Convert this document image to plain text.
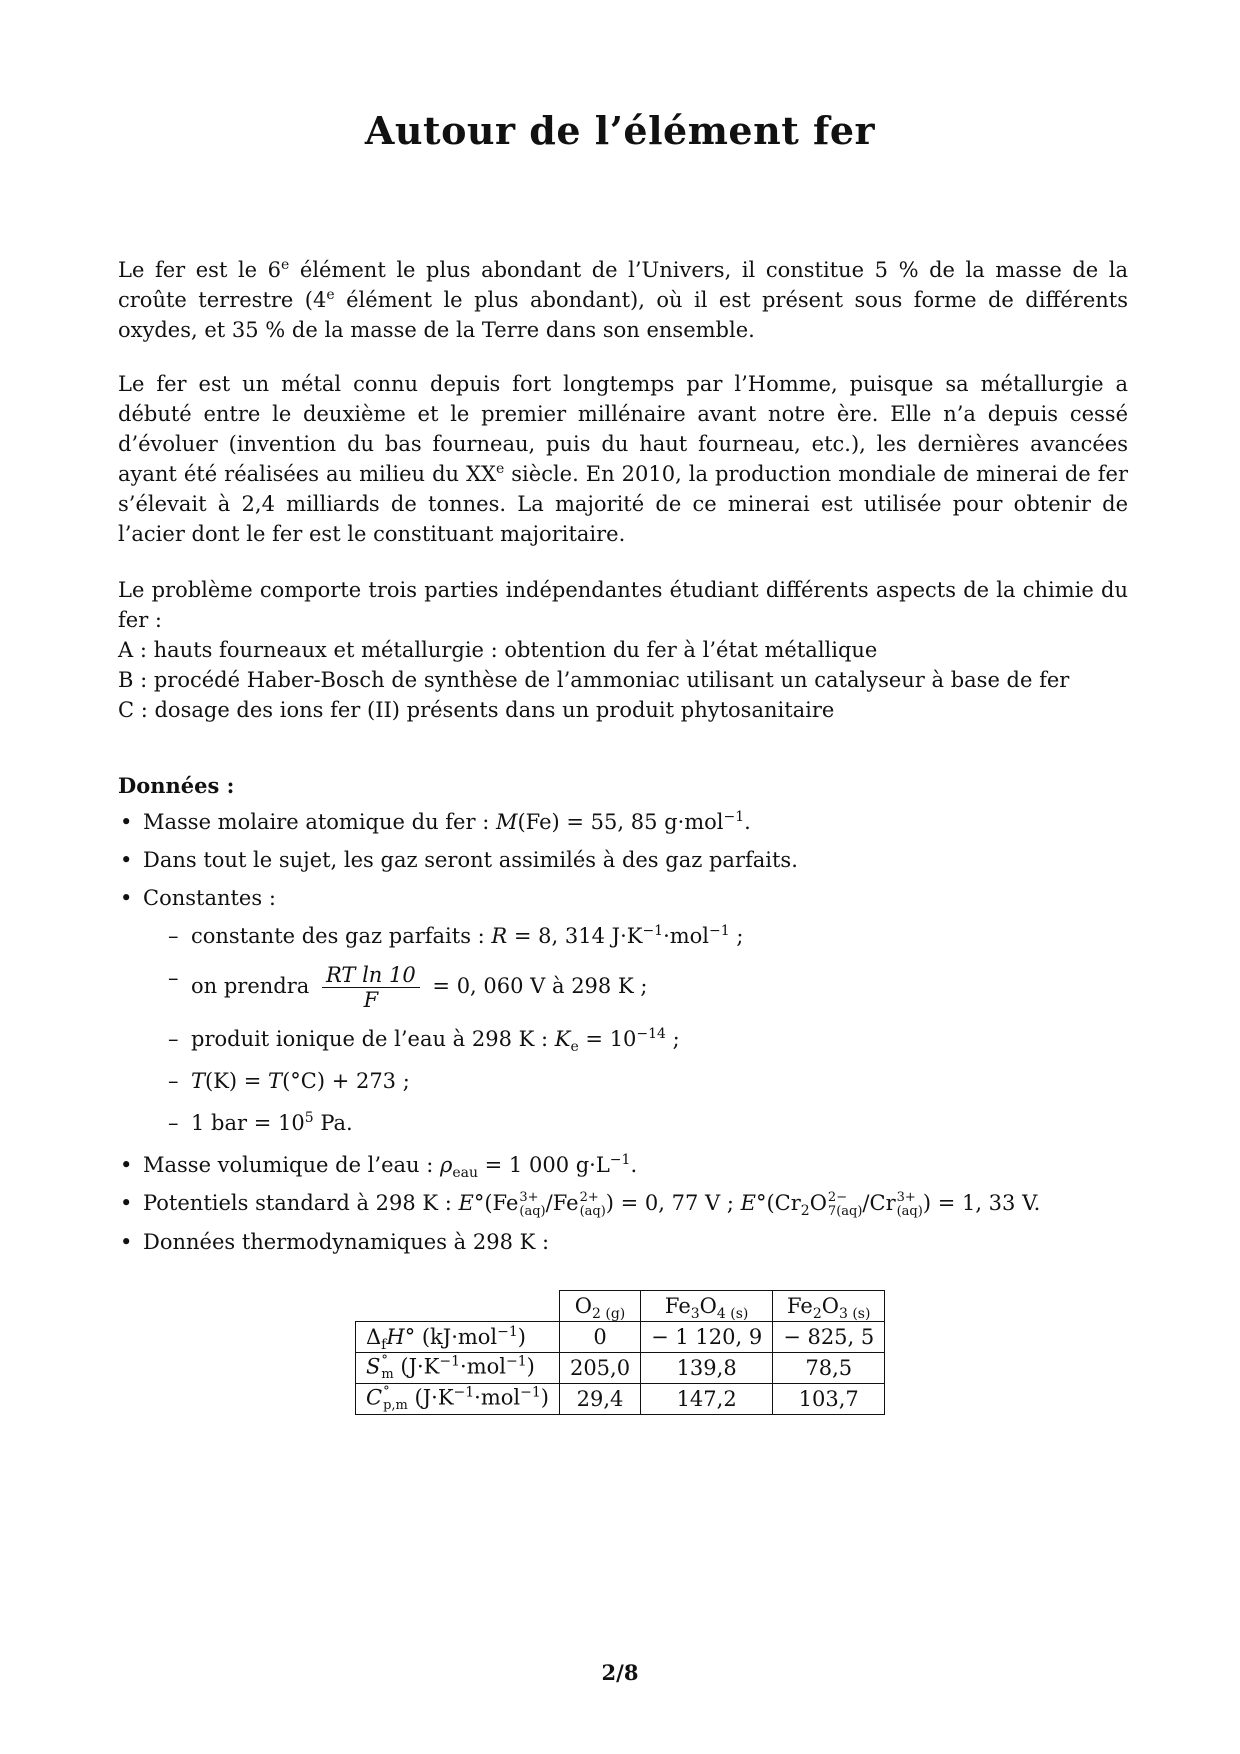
Autour de l’élément fer

Le fer est le 6e élément le plus abondant de l’Univers, il constitue 5 % de la masse de la croûte terrestre (4e élément le plus abondant), où il est présent sous forme de différents oxydes, et 35 % de la masse de la Terre dans son ensemble.

Le fer est un métal connu depuis fort longtemps par l’Homme, puisque sa métallurgie a débuté entre le deuxième et le premier millénaire avant notre ère. Elle n’a depuis cessé d’évoluer (invention du bas fourneau, puis du haut fourneau, etc.), les dernières avancées ayant été réalisées au milieu du XXe siècle. En 2010, la production mondiale de minerai de fer s’élevait à 2,4 milliards de tonnes. La majorité de ce minerai est utilisée pour obtenir de l’acier dont le fer est le constituant majoritaire.

Le problème comporte trois parties indépendantes étudiant différents aspects de la chimie du fer :

A : hauts fourneaux et métallurgie : obtention du fer à l’état métallique
B : procédé Haber-Bosch de synthèse de l’ammoniac utilisant un catalyseur à base de fer
C : dosage des ions fer (II) présents dans un produit phytosanitaire
Données :
• Masse molaire atomique du fer : M(Fe) = 55, 85 g·mol$^{-1}$.
• Dans tout le sujet, les gaz seront assimilés à des gaz parfaits.
• Constantes :
– constante des gaz parfaits : R = 8, 314 $J\cdot K^{-1}\cdot mol^{-1}$ ;
– on prendra $\frac{\text{RT ln 10}}{F} = 0$, 060 V à 298 K ;
– produit ionique de l’eau à 298 K : $K_e = 10^{-14}$ ;
– T(K) = T(°C) + 273 ;
– 1 bar = $10^5$ Pa.
• Masse volumique de l’eau : $\rho_{eau} = 1$ 000 $g\cdot L^{-1}$.
• Potentiels standard à 298 K : E°(Fe 3+
(aq) /Fe 2+
(aq) ) = 0, 77 V ; $E^\circ(Cr_2O$ 2−
7(aq) /Cr 3+
(aq) ) = 1, 33 V.
• Données thermodynamiques à 298 K :
	$O_{2 (g)}$	$Fe_3O_{4 (s)}$	$Fe_2O_{3 (s)}$
$\Delta_fH^\circ$ (kJ·mol$^{-1}$)	0	− 1 120, 9	− 825, 5
S °
m $(J\cdot K^{-1}\cdot mol^{-1})$	205,0	139,8	78,5
C °
p,m $(J\cdot K^{-1}\cdot mol^{-1})$	29,4	147,2	103,7
2/8
